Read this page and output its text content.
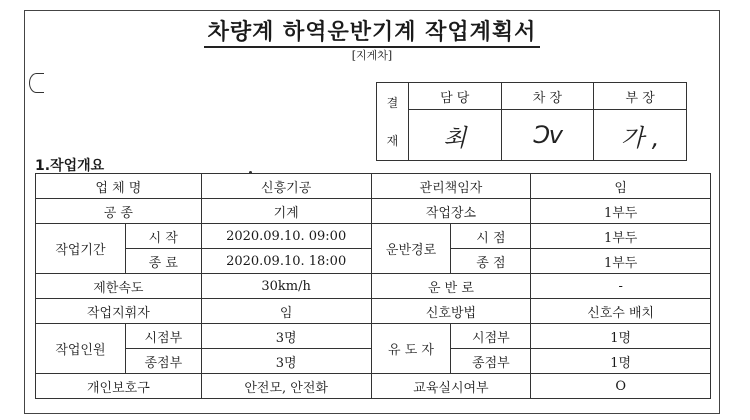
차량계 하역운반기계 작업계획서
[지게차]
결
재	담 당	차 장	부 장
	최	Ɔv	가 ,
1.작업개요
업 체 명		신흥기공	관리책임자		임
공 종		기계	작업장소		1부두
작업기간	시 작	2020.09.10. 09:00	운반경로	시 점	1부두
	종 료	2020.09.10. 18:00		종 점	1부두
제한속도		30km/h	운 반 로		-
작업지휘자		임	신호방법		신호수 배치
작업인원	시점부	3명	유 도 자	시점부	1명
	종점부	3명		종점부	1명
개인보호구		안전모, 안전화	교육실시여부		O
